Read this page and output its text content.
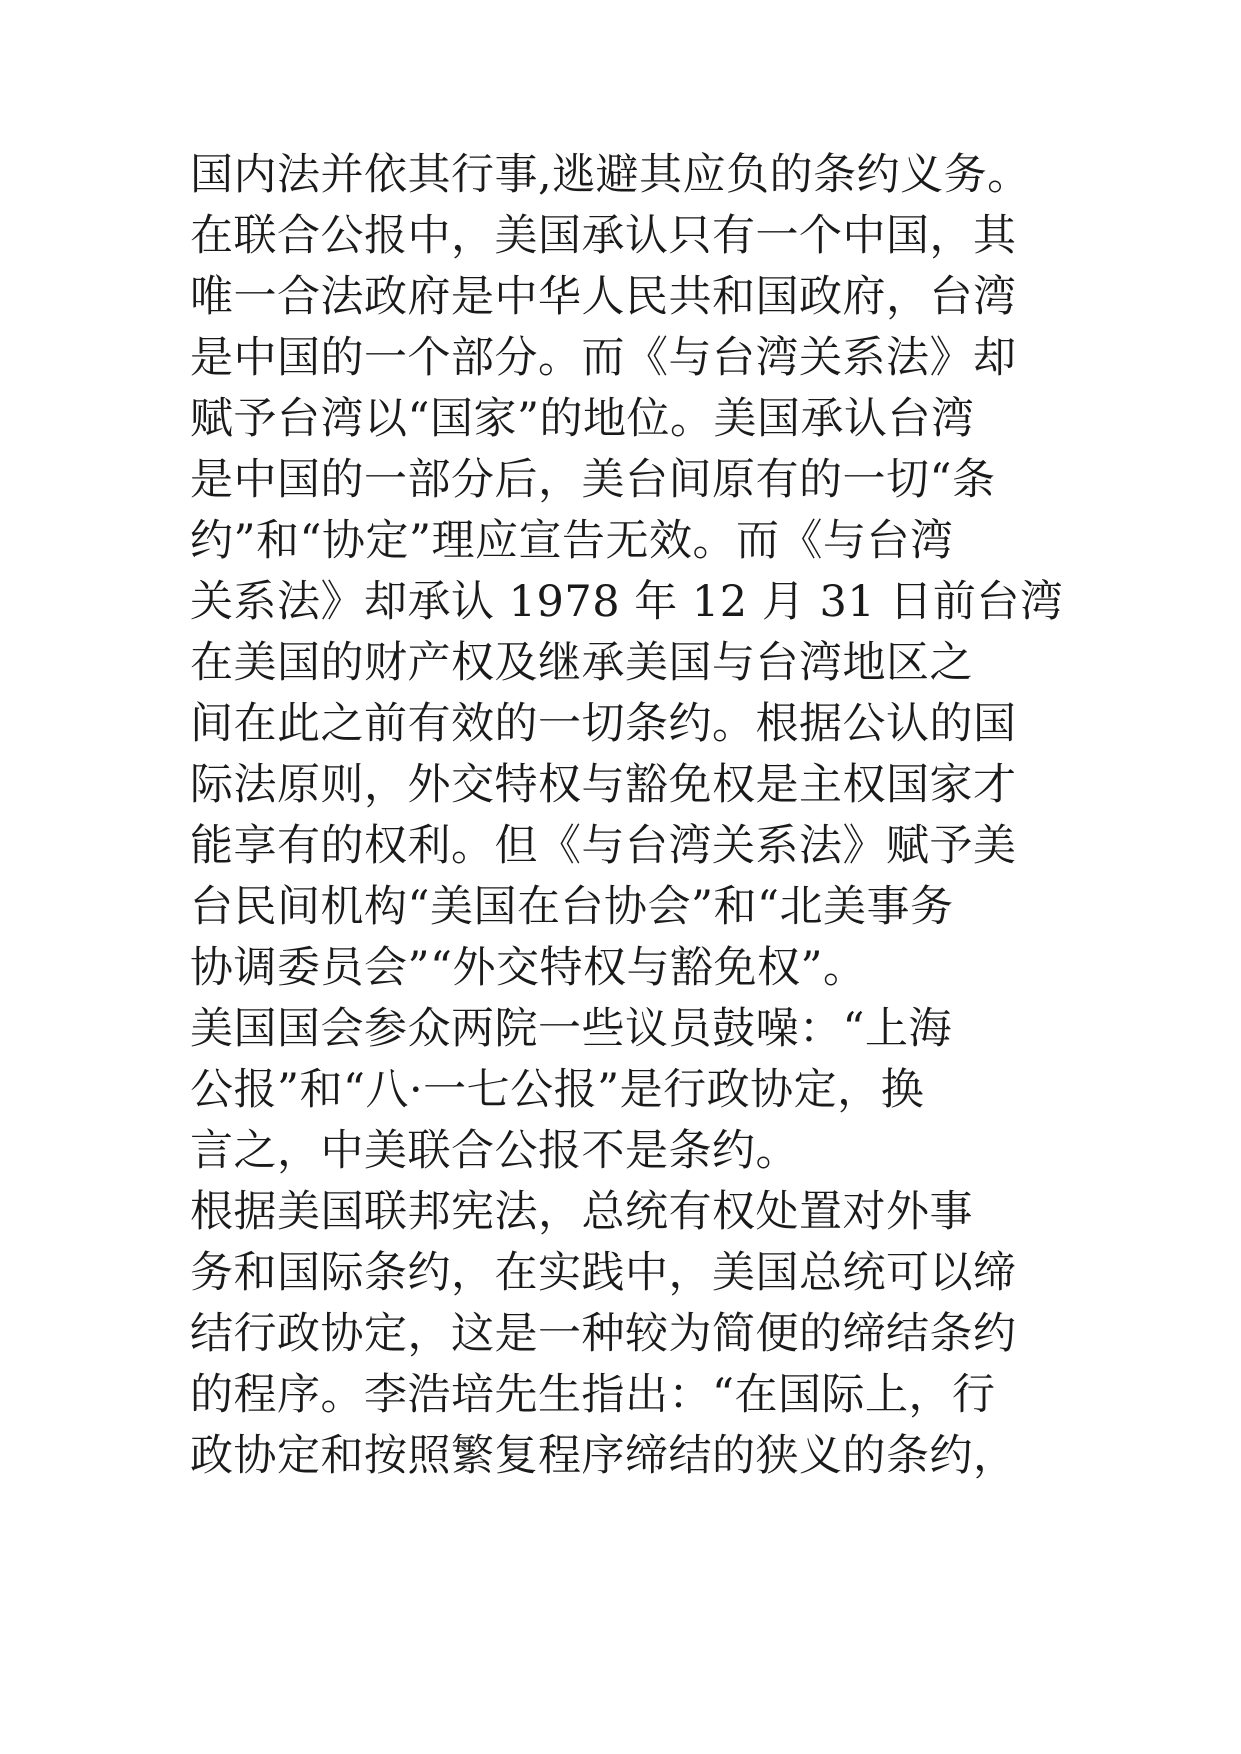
国内法并依其行事,逃避其应负的条约义务。
在联合公报中，美国承认只有一个中国，其
唯一合法政府是中华人民共和国政府，台湾
是中国的一个部分。而《与台湾关系法》却
赋予台湾以“国家”的地位。美国承认台湾
是中国的一部分后，美台间原有的一切“条
约”和“协定”理应宣告无效。而《与台湾
关系法》却承认 1978 年 12 月 31 日前台湾
在美国的财产权及继承美国与台湾地区之
间在此之前有效的一切条约。根据公认的国
际法原则，外交特权与豁免权是主权国家才
能享有的权利。但《与台湾关系法》赋予美
台民间机构“美国在台协会”和“北美事务
协调委员会”“外交特权与豁免权”。
美国国会参众两院一些议员鼓噪：“上海
公报”和“八·一七公报”是行政协定，换
言之，中美联合公报不是条约。
根据美国联邦宪法，总统有权处置对外事
务和国际条约，在实践中，美国总统可以缔
结行政协定，这是一种较为简便的缔结条约
的程序。李浩培先生指出：“在国际上，行
政协定和按照繁复程序缔结的狭义的条约，
